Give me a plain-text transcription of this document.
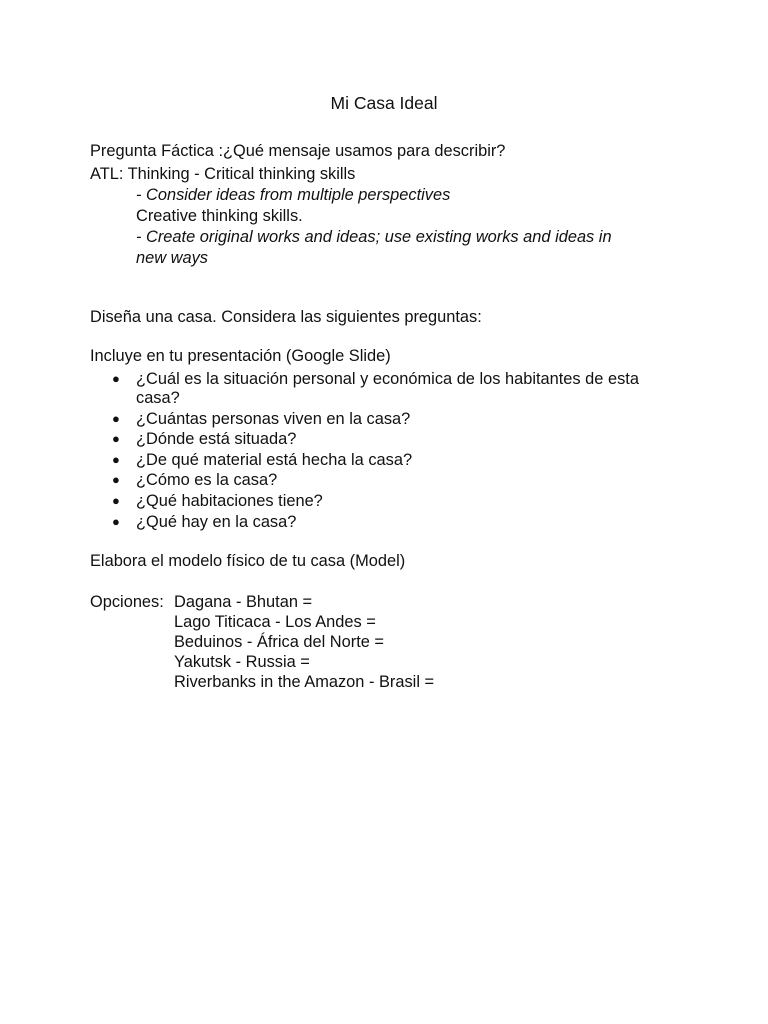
Mi Casa Ideal
Pregunta Fáctica :¿Qué mensaje usamos para describir?
ATL: Thinking - Critical thinking skills
- Consider ideas from multiple perspectives
Creative thinking skills.
- Create original works and ideas; use existing works and ideas in
new ways
Diseña una casa. Considera las siguientes preguntas:
Incluye en tu presentación (Google Slide)
● ¿Cuál es la situación personal y económica de los habitantes de esta
casa?
● ¿Cuántas personas viven en la casa?
● ¿Dónde está situada?
● ¿De qué material está hecha la casa?
● ¿Cómo es la casa?
● ¿Qué habitaciones tiene?
● ¿Qué hay en la casa?
Elabora el modelo físico de tu casa (Model)
Opciones: Dagana - Bhutan =
Lago Titicaca - Los Andes =
Beduinos - África del Norte =
Yakutsk - Russia =
Riverbanks in the Amazon - Brasil =
